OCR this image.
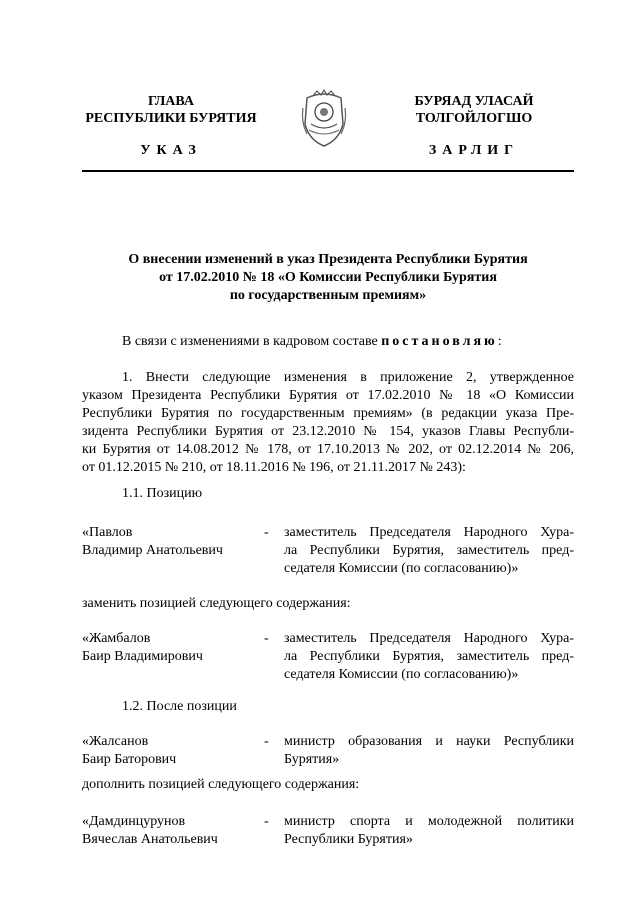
ГЛАВА
РЕСПУБЛИКИ БУРЯТИЯ
УКАЗ
БУРЯАД УЛАСАЙ
ТОЛГОЙЛОГШО
ЗАРЛИГ
О внесении изменений в указ Президента Республики Бурятия
от 17.02.2010 № 18 «О Комиссии Республики Бурятия
по государственным премиям»
В связи с изменениями в кадровом составе постановляю:
1. Внести следующие изменения в приложение 2, утвержденное
указом Президента Республики Бурятия от 17.02.2010 № 18 «О Комиссии
Республики Бурятия по государственным премиям» (в редакции указа Пре-
зидента Республики Бурятия от 23.12.2010 № 154, указов Главы Республи-
ки Бурятия от 14.08.2012 № 178, от 17.10.2013 № 202, от 02.12.2014 № 206,
от 01.12.2015 № 210, от 18.11.2016 № 196, от 21.11.2017 № 243):
1.1. Позицию
«Павлов
Владимир Анатольевич
- заместитель Председателя Народного Хура-
ла Республики Бурятия, заместитель пред-
седателя Комиссии (по согласованию)»
заменить позицией следующего содержания:
«Жамбалов
Баир Владимирович
- заместитель Председателя Народного Хура-
ла Республики Бурятия, заместитель пред-
седателя Комиссии (по согласованию)»
1.2. После позиции
«Жалсанов
Баир Баторович
- министр образования и науки Республики
Бурятия»
дополнить позицией следующего содержания:
«Дамдинцурунов
Вячеслав Анатольевич
- министр спорта и молодежной политики
Республики Бурятия»
